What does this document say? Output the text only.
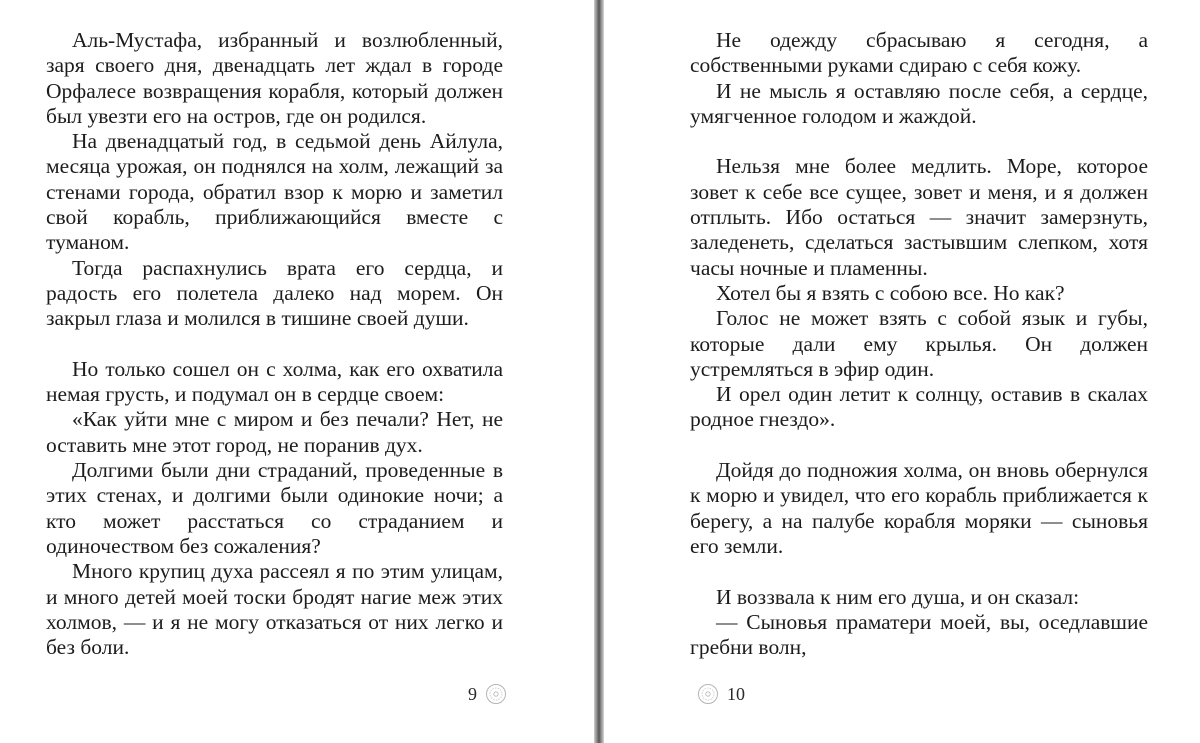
Аль-Мустафа, избранный и возлюбленный, заря своего дня, двенадцать лет ждал в городе Орфалесе возвращения корабля, который должен был увезти его на остров, где он родился.

На двенадцатый год, в седьмой день Айлула, месяца урожая, он поднялся на холм, лежащий за стенами города, обратил взор к морю и заметил свой корабль, приближающийся вместе с туманом.

Тогда распахнулись врата его сердца, и радость его полетела далеко над морем. Он закрыл глаза и молился в тишине своей души.

Но только сошел он с холма, как его охватила немая грусть, и подумал он в сердце своем:

«Как уйти мне с миром и без печали? Нет, не оставить мне этот город, не поранив дух.

Долгими были дни страданий, проведенные в этих стенах, и долгими были одинокие ночи; а кто может расстаться со страданием и одиночеством без сожаления?

Много крупиц духа рассеял я по этим улицам, и много детей моей тоски бродят нагие меж этих холмов, — и я не могу отказаться от них легко и без боли.

9

Не одежду сбрасываю я сегодня, а собственными руками сдираю с себя кожу.

И не мысль я оставляю после себя, а сердце, умягченное голодом и жаждой.

Нельзя мне более медлить. Море, которое зовет к себе все сущее, зовет и меня, и я должен отплыть. Ибо остаться — значит замерзнуть, заледенеть, сделаться застывшим слепком, хотя часы ночные и пламенны.

Хотел бы я взять с собою все. Но как?

Голос не может взять с собой язык и губы, которые дали ему крылья. Он должен устремляться в эфир один.

И орел один летит к солнцу, оставив в скалах родное гнездо».

Дойдя до подножия холма, он вновь обернулся к морю и увидел, что его корабль приближается к берегу, а на палубе корабля моряки — сыновья его земли.

И воззвала к ним его душа, и он сказал:

— Сыновья праматери моей, вы, оседлавшие гребни волн,

10
